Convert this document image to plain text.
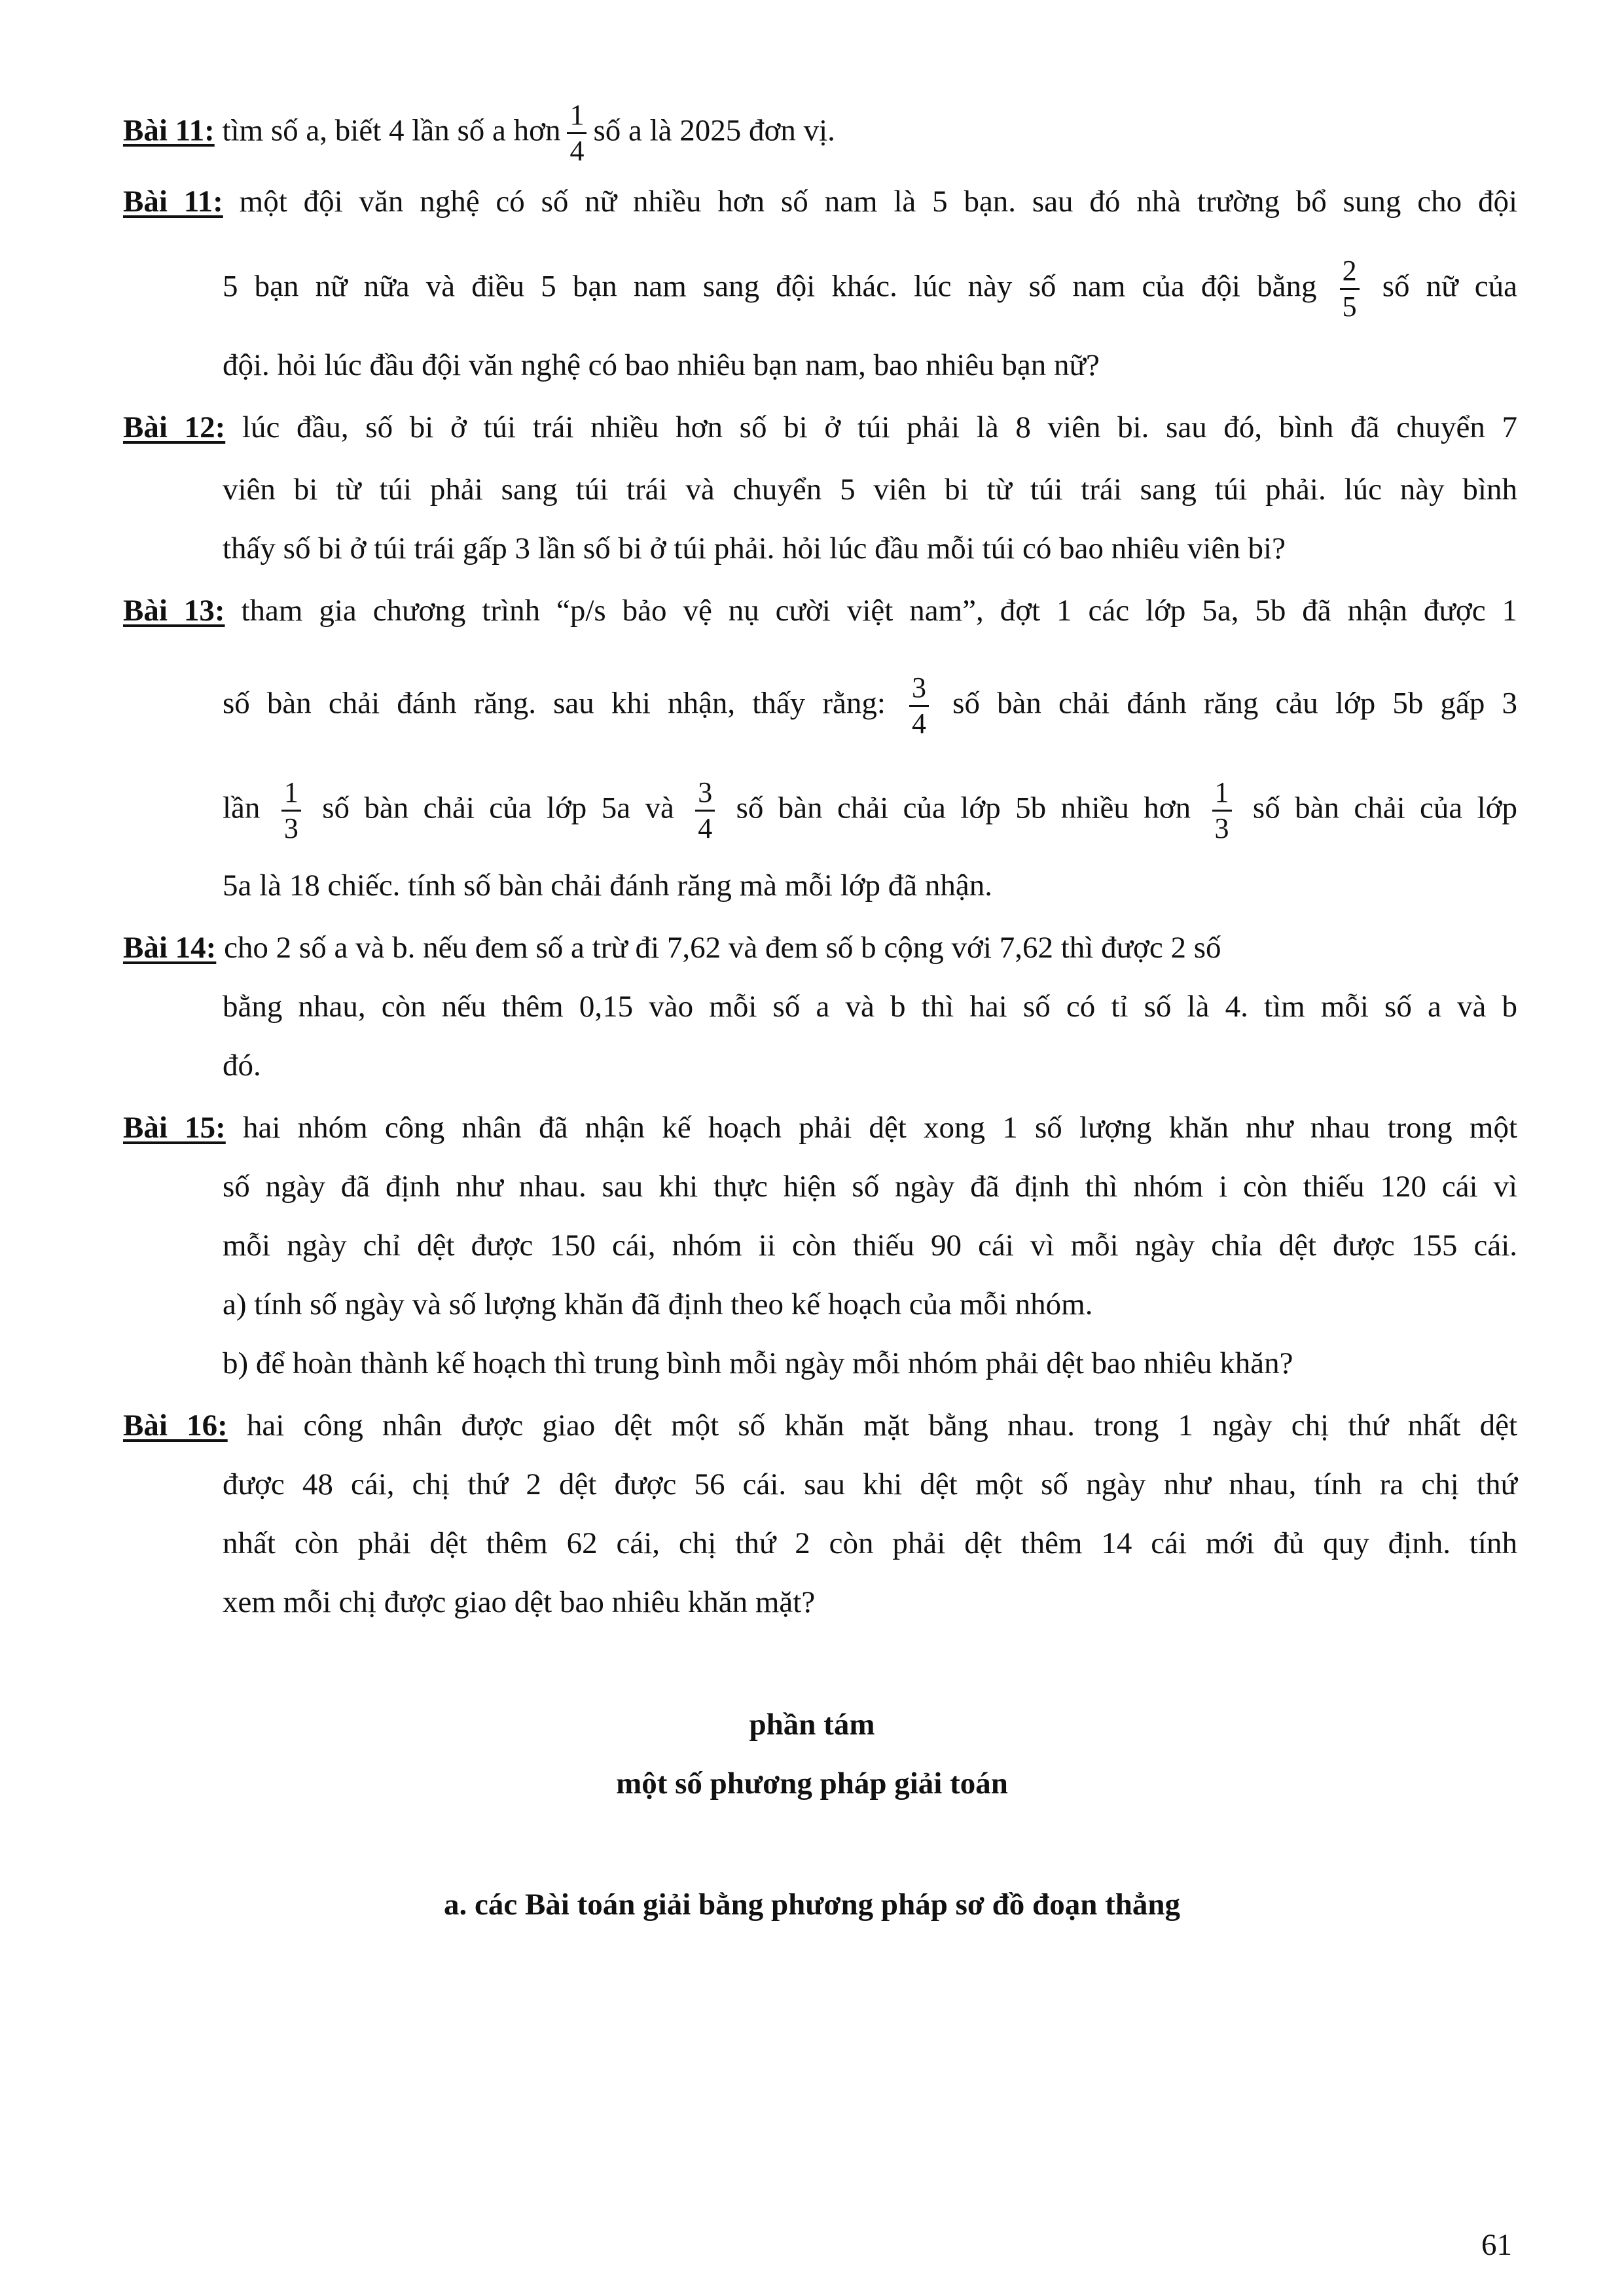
Bài 11: tìm số a, biết 4 lần số a hơn $\frac{1}{4}$ số a là 2025 đơn vị.
Bài 11: một đội văn nghệ có số nữ nhiều hơn số nam là 5 bạn. sau đó nhà trường bổ sung cho đội
5 bạn nữ nữa và điều 5 bạn nam sang đội khác. lúc này số nam của đội bằng $\frac{2}{5}$ số nữ của
đội. hỏi lúc đầu đội văn nghệ có bao nhiêu bạn nam, bao nhiêu bạn nữ?
Bài 12: lúc đầu, số bi ở túi trái nhiều hơn số bi ở túi phải là 8 viên bi. sau đó, bình đã chuyển 7
viên bi từ túi phải sang túi trái và chuyển 5 viên bi từ túi trái sang túi phải. lúc này bình
thấy số bi ở túi trái gấp 3 lần số bi ở túi phải. hỏi lúc đầu mỗi túi có bao nhiêu viên bi?
Bài 13: tham gia chương trình “p/s bảo vệ nụ cười việt nam”, đợt 1 các lớp 5a, 5b đã nhận được 1
số bàn chải đánh răng. sau khi nhận, thấy rằng: $\frac{3}{4}$ số bàn chải đánh răng cảu lớp 5b gấp 3
lần $\frac{1}{3}$ số bàn chải của lớp 5a và $\frac{3}{4}$ số bàn chải của lớp 5b nhiều hơn $\frac{1}{3}$ số bàn chải của lớp
5a là 18 chiếc. tính số bàn chải đánh răng mà mỗi lớp đã nhận.
Bài 14: cho 2 số a và b. nếu đem số a trừ đi 7,62 và đem số b cộng với 7,62 thì được 2 số
bằng nhau, còn nếu thêm 0,15 vào mỗi số a và b thì hai số có tỉ số là 4. tìm mỗi số a và b
đó.
Bài 15: hai nhóm công nhân đã nhận kế hoạch phải dệt xong 1 số lượng khăn như nhau trong một
số ngày đã định như nhau. sau khi thực hiện số ngày đã định thì nhóm i còn thiếu 120 cái vì
mỗi ngày chỉ dệt được 150 cái, nhóm ii còn thiếu 90 cái vì mỗi ngày chỉa dệt được 155 cái.
a) tính số ngày và số lượng khăn đã định theo kế hoạch của mỗi nhóm.
b) để hoàn thành kế hoạch thì trung bình mỗi ngày mỗi nhóm phải dệt bao nhiêu khăn?
Bài 16: hai công nhân được giao dệt một số khăn mặt bằng nhau. trong 1 ngày chị thứ nhất dệt
được 48 cái, chị thứ 2 dệt được 56 cái. sau khi dệt một số ngày như nhau, tính ra chị thứ
nhất còn phải dệt thêm 62 cái, chị thứ 2 còn phải dệt thêm 14 cái mới đủ quy định. tính
xem mỗi chị được giao dệt bao nhiêu khăn mặt?
phần tám
một số phương pháp giải toán
a. các Bài toán giải bằng phương pháp sơ đồ đoạn thẳng
61
